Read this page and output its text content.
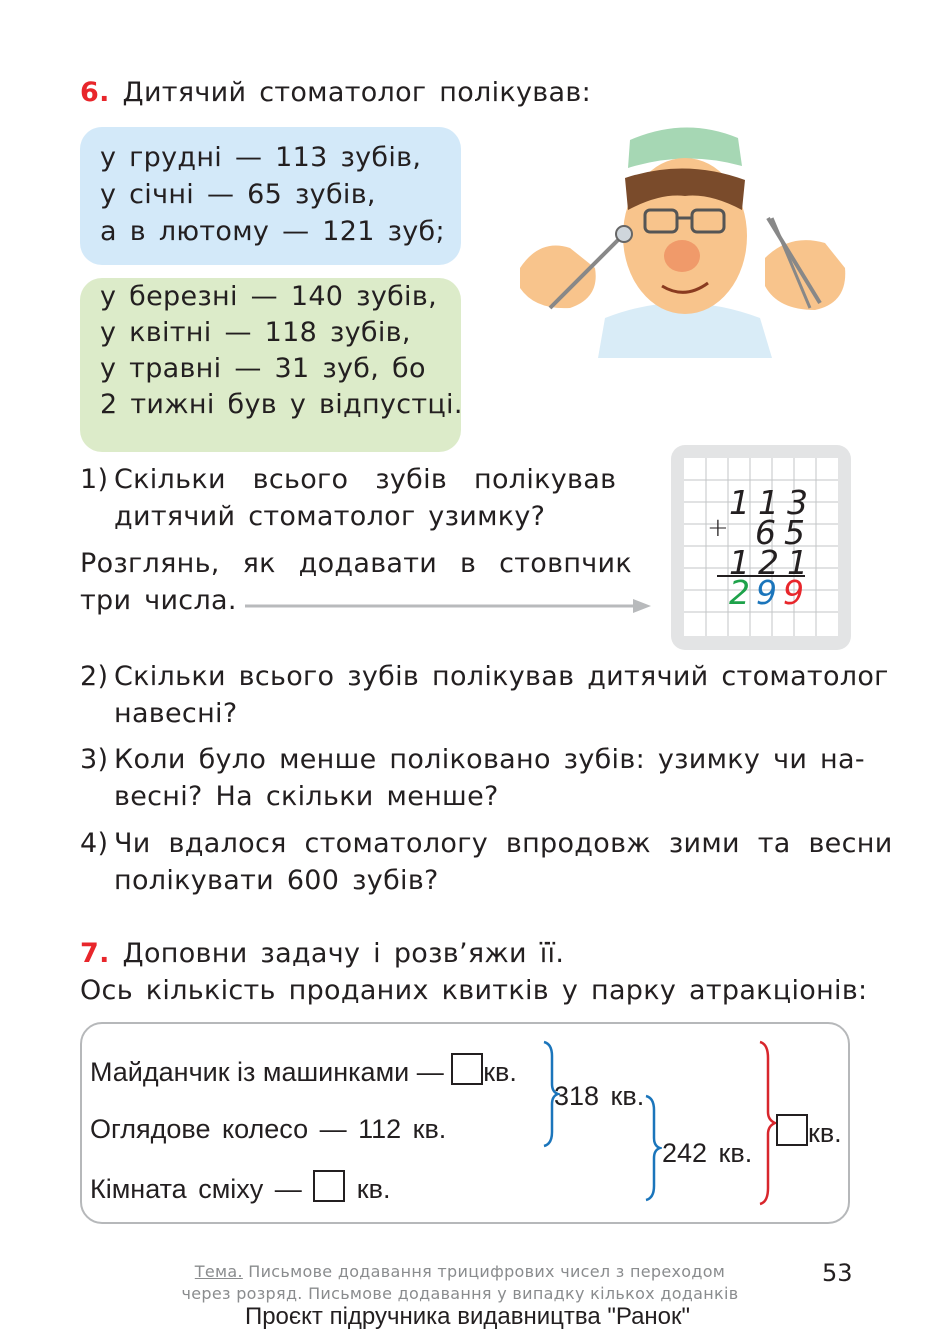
6. Дитячий стоматолог полікував:
у грудні — 113 зубів,
у січні — 65 зубів,
а в лютому — 121 зуб;
у березні — 140 зубів,
у квітні — 118 зубів,
у травні — 31 зуб, бо
2 тижні був у відпустці.
1) Скільки всього зубів полікував
дитячий стоматолог узимку?
Розглянь, як додавати в стовпчик
три числа.
113
+ 65
121
2 9 9
2) Скільки всього зубів полікував дитячий стоматолог
навесні?
3) Коли було менше поліковано зубів: узимку чи на-
весні? На скільки менше?
4) Чи вдалося стоматологу впродовж зими та весни
полікувати 600 зубів?
7. Доповни задачу і розв’яжи її.
Ось кількість проданих квитків у парку атракціонів:
Майданчик із машинками — кв.
Оглядове колесо — 112 кв.
Кімната сміху — кв.
318 кв.
242 кв.
кв.
Тема. Письмове додавання трицифрових чисел з переходом
через розряд. Письмове додавання у випадку кількох доданків
53
Проєкт підручника видавництва "Ранок"
